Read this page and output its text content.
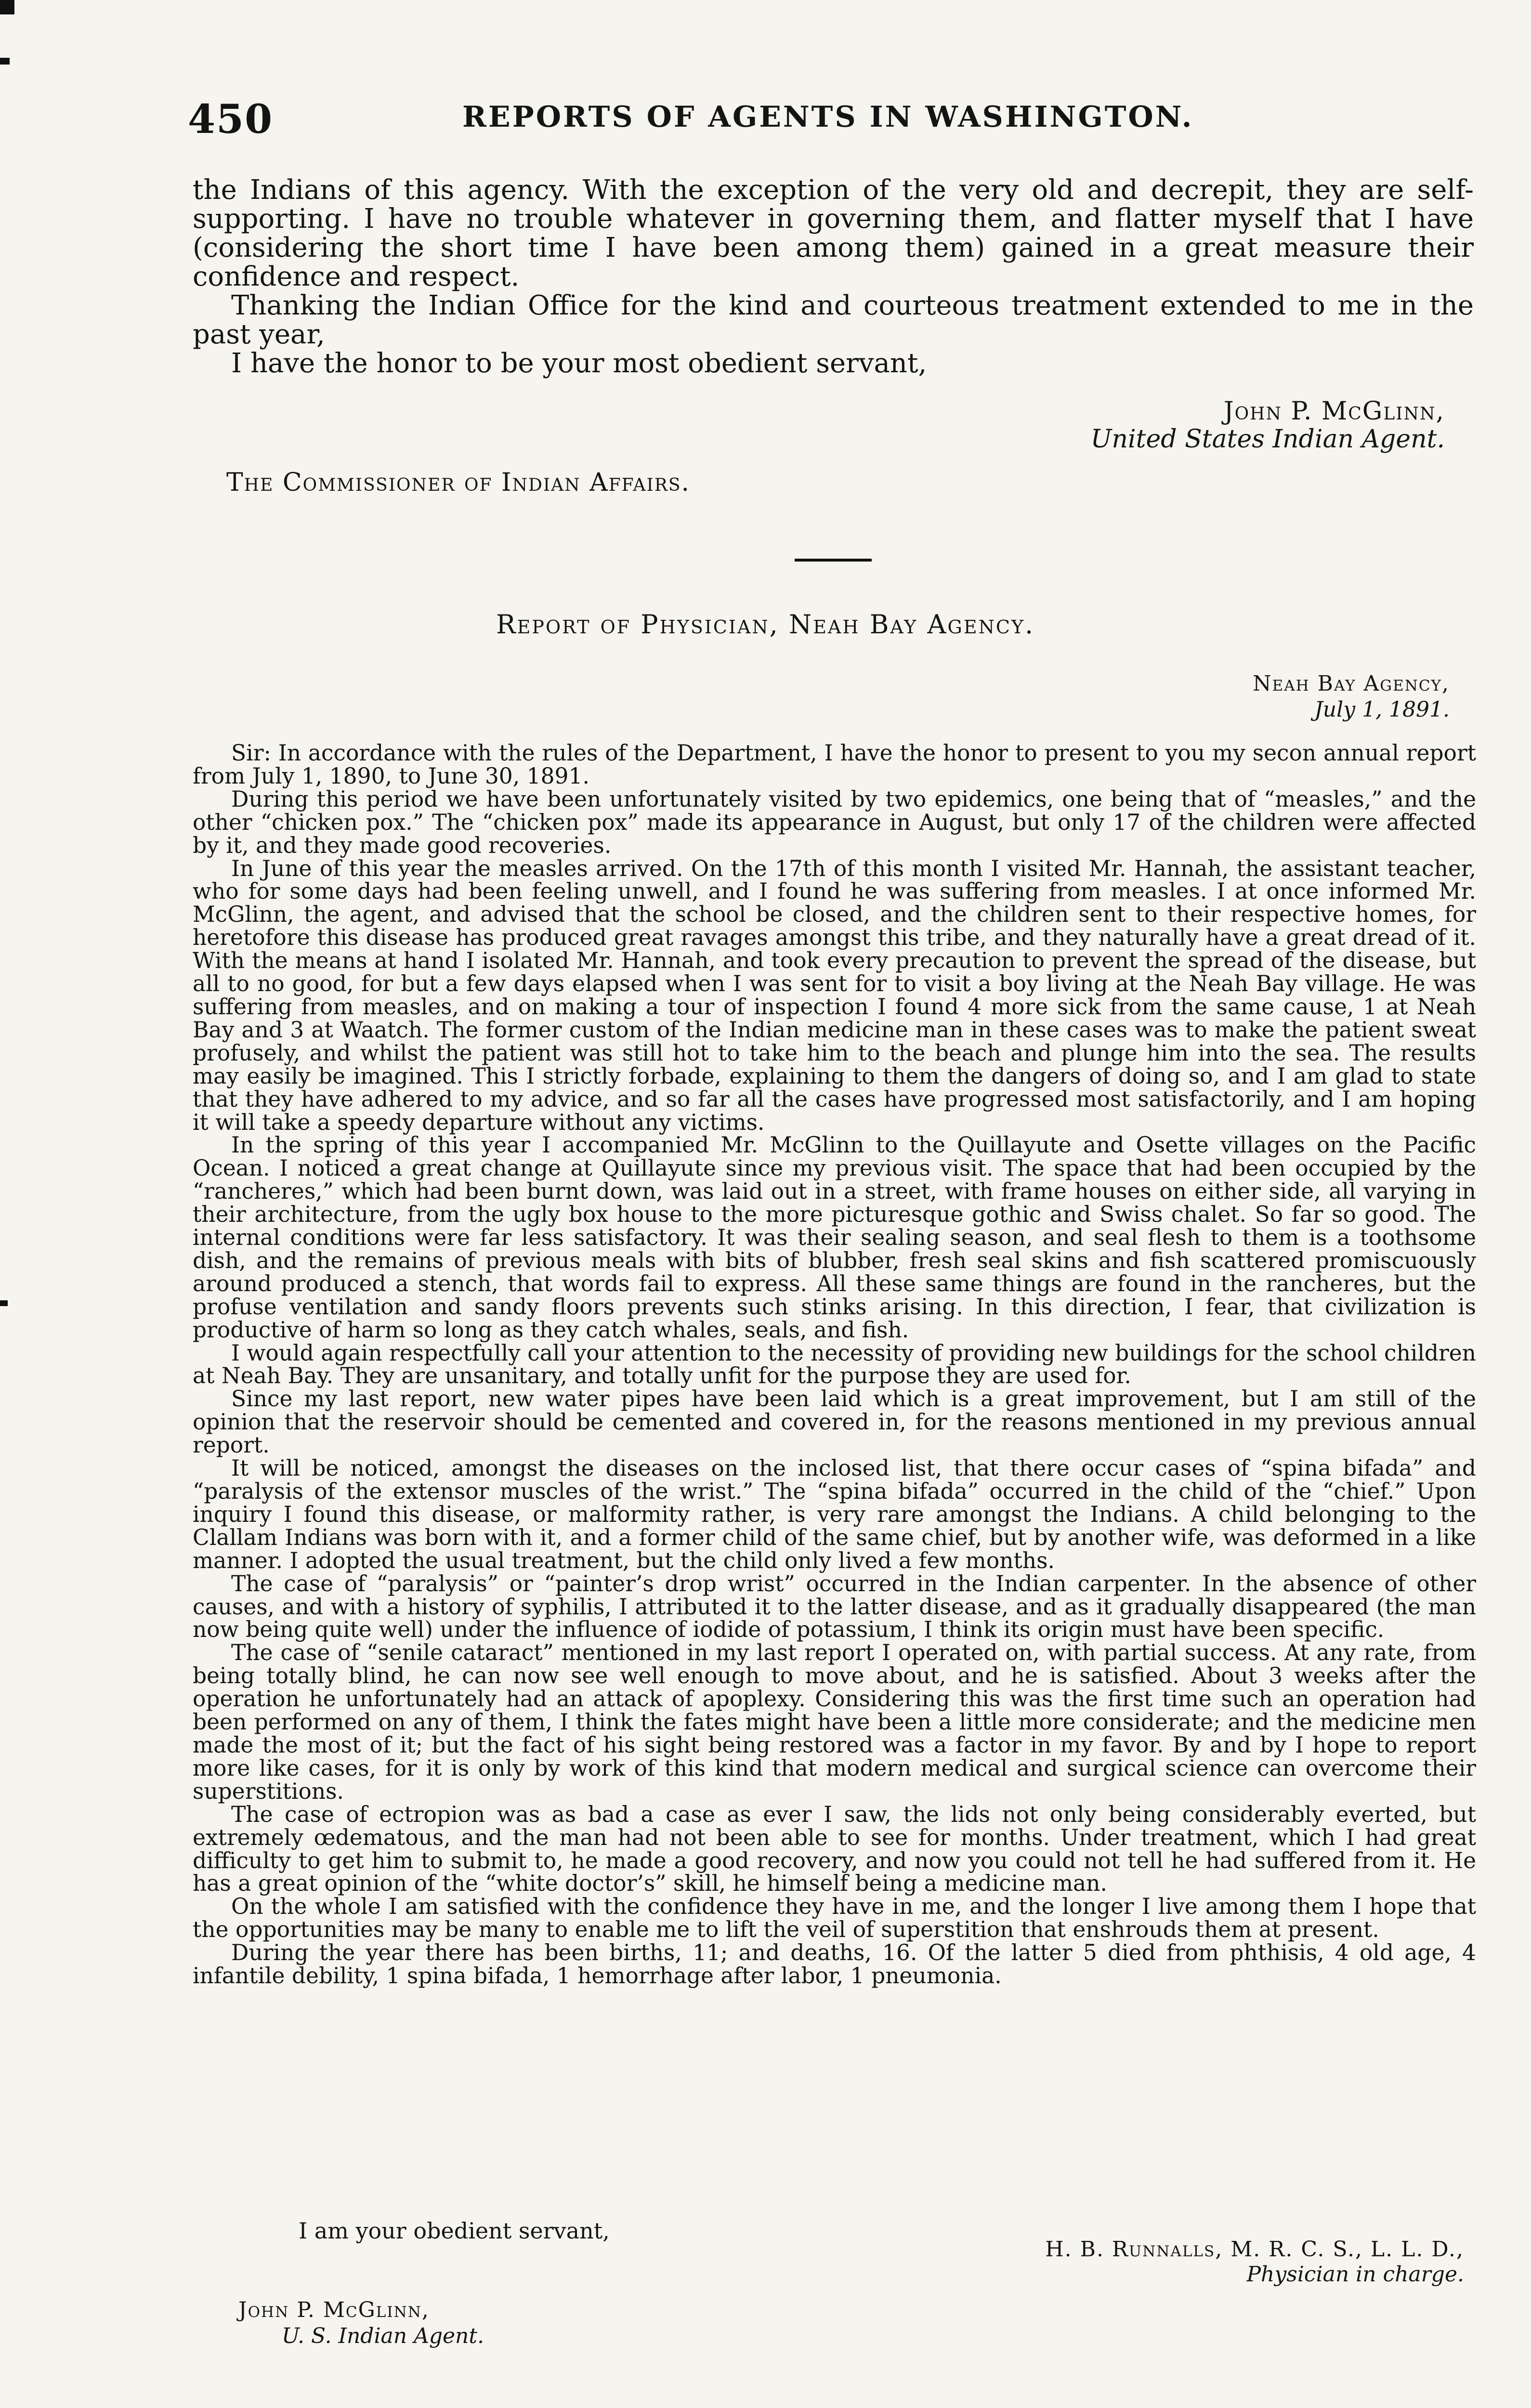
450	REPORTS OF AGENTS IN WASHINGTON.

the Indians of this agency. With the exception of the very old and decrepit, they are self-supporting. I have no trouble whatever in governing them, and flatter myself that I have (considering the short time I have been among them) gained in a great measure their confidence and respect.

Thanking the Indian Office for the kind and courteous treatment extended to me in the past year,

I have the honor to be your most obedient servant,

John P. McGlinn,
United States Indian Agent.
The Commissioner of Indian Affairs.
Report of Physician, Neah Bay Agency.
Neah Bay Agency,
July 1, 1891.

Sir: In accordance with the rules of the Department, I have the honor to present to you my secon annual report from July 1, 1890, to June 30, 1891.

During this period we have been unfortunately visited by two epidemics, one being that of “measles,” and the other “chicken pox.” The “chicken pox” made its appearance in August, but only 17 of the children were affected by it, and they made good recoveries.

In June of this year the measles arrived. On the 17th of this month I visited Mr. Hannah, the assistant teacher, who for some days had been feeling unwell, and I found he was suffering from measles. I at once informed Mr. McGlinn, the agent, and advised that the school be closed, and the children sent to their respective homes, for heretofore this disease has produced great ravages amongst this tribe, and they naturally have a great dread of it. With the means at hand I isolated Mr. Hannah, and took every precaution to prevent the spread of the disease, but all to no good, for but a few days elapsed when I was sent for to visit a boy living at the Neah Bay village. He was suffering from measles, and on making a tour of inspection I found 4 more sick from the same cause, 1 at Neah Bay and 3 at Waatch. The former custom of the Indian medicine man in these cases was to make the patient sweat profusely, and whilst the patient was still hot to take him to the beach and plunge him into the sea. The results may easily be imagined. This I strictly forbade, explaining to them the dangers of doing so, and I am glad to state that they have adhered to my advice, and so far all the cases have progressed most satisfactorily, and I am hoping it will take a speedy departure without any victims.

In the spring of this year I accompanied Mr. McGlinn to the Quillayute and Osette villages on the Pacific Ocean. I noticed a great change at Quillayute since my previous visit. The space that had been occupied by the “rancheres,” which had been burnt down, was laid out in a street, with frame houses on either side, all varying in their architecture, from the ugly box house to the more picturesque gothic and Swiss chalet. So far so good. The internal conditions were far less satisfactory. It was their sealing season, and seal flesh to them is a toothsome dish, and the remains of previous meals with bits of blubber, fresh seal skins and fish scattered promiscuously around produced a stench, that words fail to express. All these same things are found in the rancheres, but the profuse ventilation and sandy floors prevents such stinks arising. In this direction, I fear, that civilization is productive of harm so long as they catch whales, seals, and fish.

I would again respectfully call your attention to the necessity of providing new buildings for the school children at Neah Bay. They are unsanitary, and totally unfit for the purpose they are used for.

Since my last report, new water pipes have been laid which is a great improvement, but I am still of the opinion that the reservoir should be cemented and covered in, for the reasons mentioned in my previous annual report.

It will be noticed, amongst the diseases on the inclosed list, that there occur cases of “spina bifada” and “paralysis of the extensor muscles of the wrist.” The “spina bifada” occurred in the child of the “chief.” Upon inquiry I found this disease, or malformity rather, is very rare amongst the Indians. A child belonging to the Clallam Indians was born with it, and a former child of the same chief, but by another wife, was deformed in a like manner. I adopted the usual treatment, but the child only lived a few months.

The case of “paralysis” or “painter’s drop wrist” occurred in the Indian carpenter. In the absence of other causes, and with a history of syphilis, I attributed it to the latter disease, and as it gradually disappeared (the man now being quite well) under the influence of iodide of potassium, I think its origin must have been specific.

The case of “senile cataract” mentioned in my last report I operated on, with partial success. At any rate, from being totally blind, he can now see well enough to move about, and he is satisfied. About 3 weeks after the operation he unfortunately had an attack of apoplexy. Considering this was the first time such an operation had been performed on any of them, I think the fates might have been a little more considerate; and the medicine men made the most of it; but the fact of his sight being restored was a factor in my favor. By and by I hope to report more like cases, for it is only by work of this kind that modern medical and surgical science can overcome their superstitions.

The case of ectropion was as bad a case as ever I saw, the lids not only being considerably everted, but extremely œdematous, and the man had not been able to see for months. Under treatment, which I had great difficulty to get him to submit to, he made a good recovery, and now you could not tell he had suffered from it. He has a great opinion of the “white doctor’s” skill, he himself being a medicine man.

On the whole I am satisfied with the confidence they have in me, and the longer I live among them I hope that the opportunities may be many to enable me to lift the veil of superstition that enshrouds them at present.

During the year there has been births, 11; and deaths, 16. Of the latter 5 died from phthisis, 4 old age, 4 infantile debility, 1 spina bifada, 1 hemorrhage after labor, 1 pneumonia.

I am your obedient servant,
H. B. Runnalls, M. R. C. S., L. L. D.,
Physician in charge.
John P. McGlinn,
U. S. Indian Agent.
